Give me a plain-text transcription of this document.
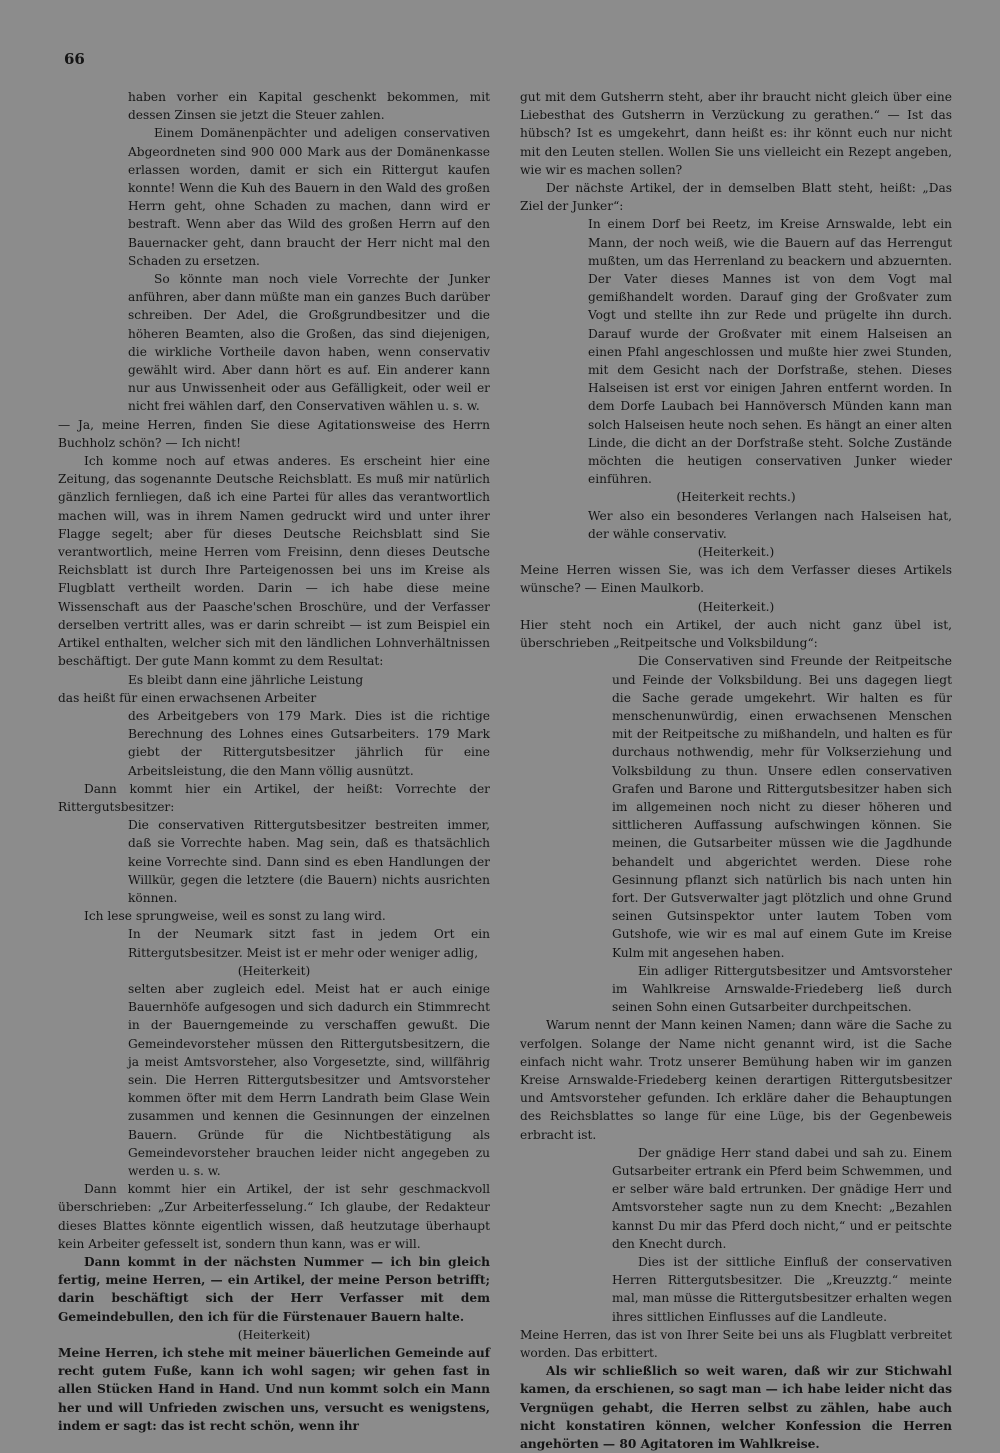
66

haben vorher ein Kapital geschenkt bekommen, mit dessen Zinsen sie jetzt die Steuer zahlen.

Einem Domänenpächter und adeligen conservativen Abgeordneten sind 900 000 Mark aus der Domänenkasse erlassen worden, damit er sich ein Rittergut kaufen konnte! Wenn die Kuh des Bauern in den Wald des großen Herrn geht, ohne Schaden zu machen, dann wird er bestraft. Wenn aber das Wild des großen Herrn auf den Bauernacker geht, dann braucht der Herr nicht mal den Schaden zu ersetzen.

So könnte man noch viele Vorrechte der Junker anführen, aber dann müßte man ein ganzes Buch darüber schreiben. Der Adel, die Großgrundbesitzer und die höheren Beamten, also die Großen, das sind diejenigen, die wirkliche Vortheile davon haben, wenn conservativ gewählt wird. Aber dann hört es auf. Ein anderer kann nur aus Unwissenheit oder aus Gefälligkeit, oder weil er nicht frei wählen darf, den Conservativen wählen u. s. w.

— Ja, meine Herren, finden Sie diese Agitationsweise des Herrn Buchholz schön? — Ich nicht!

Ich komme noch auf etwas anderes. Es erscheint hier eine Zeitung, das sogenannte Deutsche Reichsblatt. Es muß mir natürlich gänzlich fernliegen, daß ich eine Partei für alles das verantwortlich machen will, was in ihrem Namen gedruckt wird und unter ihrer Flagge segelt; aber für dieses Deutsche Reichsblatt sind Sie verantwortlich, meine Herren vom Freisinn, denn dieses Deutsche Reichsblatt ist durch Ihre Parteigenossen bei uns im Kreise als Flugblatt vertheilt worden. Darin — ich habe diese meine Wissenschaft aus der Paasche'schen Broschüre, und der Verfasser derselben vertritt alles, was er darin schreibt — ist zum Beispiel ein Artikel enthalten, welcher sich mit den ländlichen Lohnverhältnissen beschäftigt. Der gute Mann kommt zu dem Resultat:

Es bleibt dann eine jährliche Leistung

das heißt für einen erwachsenen Arbeiter

des Arbeitgebers von 179 Mark. Dies ist die richtige Berechnung des Lohnes eines Gutsarbeiters. 179 Mark giebt der Rittergutsbesitzer jährlich für eine Arbeitsleistung, die den Mann völlig ausnützt.

Dann kommt hier ein Artikel, der heißt: Vorrechte der Rittergutsbesitzer:

Die conservativen Rittergutsbesitzer bestreiten immer, daß sie Vorrechte haben. Mag sein, daß es thatsächlich keine Vorrechte sind. Dann sind es eben Handlungen der Willkür, gegen die letztere (die Bauern) nichts ausrichten können.

Ich lese sprungweise, weil es sonst zu lang wird.

In der Neumark sitzt fast in jedem Ort ein Rittergutsbesitzer. Meist ist er mehr oder weniger adlig,

(Heiterkeit)

selten aber zugleich edel. Meist hat er auch einige Bauernhöfe aufgesogen und sich dadurch ein Stimmrecht in der Bauerngemeinde zu verschaffen gewußt. Die Gemeindevorsteher müssen den Rittergutsbesitzern, die ja meist Amtsvorsteher, also Vorgesetzte, sind, willfährig sein. Die Herren Rittergutsbesitzer und Amtsvorsteher kommen öfter mit dem Herrn Landrath beim Glase Wein zusammen und kennen die Gesinnungen der einzelnen Bauern. Gründe für die Nichtbestätigung als Gemeindevorsteher brauchen leider nicht angegeben zu werden u. s. w.

Dann kommt hier ein Artikel, der ist sehr geschmackvoll überschrieben: „Zur Arbeiterfesselung.“ Ich glaube, der Redakteur dieses Blattes könnte eigentlich wissen, daß heutzutage überhaupt kein Arbeiter gefesselt ist, sondern thun kann, was er will.

Dann kommt in der nächsten Nummer — ich bin gleich fertig, meine Herren, — ein Artikel, der meine Person betrifft; darin beschäftigt sich der Herr Verfasser mit dem Gemeindebullen, den ich für die Fürstenauer Bauern halte.

(Heiterkeit)

Meine Herren, ich stehe mit meiner bäuerlichen Gemeinde auf recht gutem Fuße, kann ich wohl sagen; wir gehen fast in allen Stücken Hand in Hand. Und nun kommt solch ein Mann her und will Unfrieden zwischen uns, versucht es wenigstens, indem er sagt: das ist recht schön, wenn ihr

gut mit dem Gutsherrn steht, aber ihr braucht nicht gleich über eine Liebesthat des Gutsherrn in Verzückung zu gerathen.“ — Ist das hübsch? Ist es umgekehrt, dann heißt es: ihr könnt euch nur nicht mit den Leuten stellen. Wollen Sie uns vielleicht ein Rezept angeben, wie wir es machen sollen?

Der nächste Artikel, der in demselben Blatt steht, heißt: „Das Ziel der Junker“:

In einem Dorf bei Reetz, im Kreise Arnswalde, lebt ein Mann, der noch weiß, wie die Bauern auf das Herrengut mußten, um das Herrenland zu beackern und abzuernten. Der Vater dieses Mannes ist von dem Vogt mal gemißhandelt worden. Darauf ging der Großvater zum Vogt und stellte ihn zur Rede und prügelte ihn durch. Darauf wurde der Großvater mit einem Halseisen an einen Pfahl angeschlossen und mußte hier zwei Stunden, mit dem Gesicht nach der Dorfstraße, stehen. Dieses Halseisen ist erst vor einigen Jahren entfernt worden. In dem Dorfe Laubach bei Hannöversch Münden kann man solch Halseisen heute noch sehen. Es hängt an einer alten Linde, die dicht an der Dorfstraße steht. Solche Zustände möchten die heutigen conservativen Junker wieder einführen.

(Heiterkeit rechts.)

Wer also ein besonderes Verlangen nach Halseisen hat, der wähle conservativ.

(Heiterkeit.)

Meine Herren wissen Sie, was ich dem Verfasser dieses Artikels wünsche? — Einen Maulkorb.

(Heiterkeit.)

Hier steht noch ein Artikel, der auch nicht ganz übel ist, überschrieben „Reitpeitsche und Volksbildung“:

Die Conservativen sind Freunde der Reitpeitsche und Feinde der Volksbildung. Bei uns dagegen liegt die Sache gerade umgekehrt. Wir halten es für menschenunwürdig, einen erwachsenen Menschen mit der Reitpeitsche zu mißhandeln, und halten es für durchaus nothwendig, mehr für Volkserziehung und Volksbildung zu thun. Unsere edlen conservativen Grafen und Barone und Rittergutsbesitzer haben sich im allgemeinen noch nicht zu dieser höheren und sittlicheren Auffassung aufschwingen können. Sie meinen, die Gutsarbeiter müssen wie die Jagdhunde behandelt und abgerichtet werden. Diese rohe Gesinnung pflanzt sich natürlich bis nach unten hin fort. Der Gutsverwalter jagt plötzlich und ohne Grund seinen Gutsinspektor unter lautem Toben vom Gutshofe, wie wir es mal auf einem Gute im Kreise Kulm mit angesehen haben.

Ein adliger Rittergutsbesitzer und Amtsvorsteher im Wahlkreise Arnswalde-Friedeberg ließ durch seinen Sohn einen Gutsarbeiter durchpeitschen.

Warum nennt der Mann keinen Namen; dann wäre die Sache zu verfolgen. Solange der Name nicht genannt wird, ist die Sache einfach nicht wahr. Trotz unserer Bemühung haben wir im ganzen Kreise Arnswalde-Friedeberg keinen derartigen Rittergutsbesitzer und Amtsvorsteher gefunden. Ich erkläre daher die Behauptungen des Reichsblattes so lange für eine Lüge, bis der Gegenbeweis erbracht ist.

Der gnädige Herr stand dabei und sah zu. Einem Gutsarbeiter ertrank ein Pferd beim Schwemmen, und er selber wäre bald ertrunken. Der gnädige Herr und Amtsvorsteher sagte nun zu dem Knecht: „Bezahlen kannst Du mir das Pferd doch nicht,“ und er peitschte den Knecht durch.

Dies ist der sittliche Einfluß der conservativen Herren Rittergutsbesitzer. Die „Kreuzztg.“ meinte mal, man müsse die Rittergutsbesitzer erhalten wegen ihres sittlichen Einflusses auf die Landleute.

Meine Herren, das ist von Ihrer Seite bei uns als Flugblatt verbreitet worden. Das erbittert.

Als wir schließlich so weit waren, daß wir zur Stichwahl kamen, da erschienen, so sagt man — ich habe leider nicht das Vergnügen gehabt, die Herren selbst zu zählen, habe auch nicht konstatiren können, welcher Konfession die Herren angehörten — 80 Agitatoren im Wahlkreise.
